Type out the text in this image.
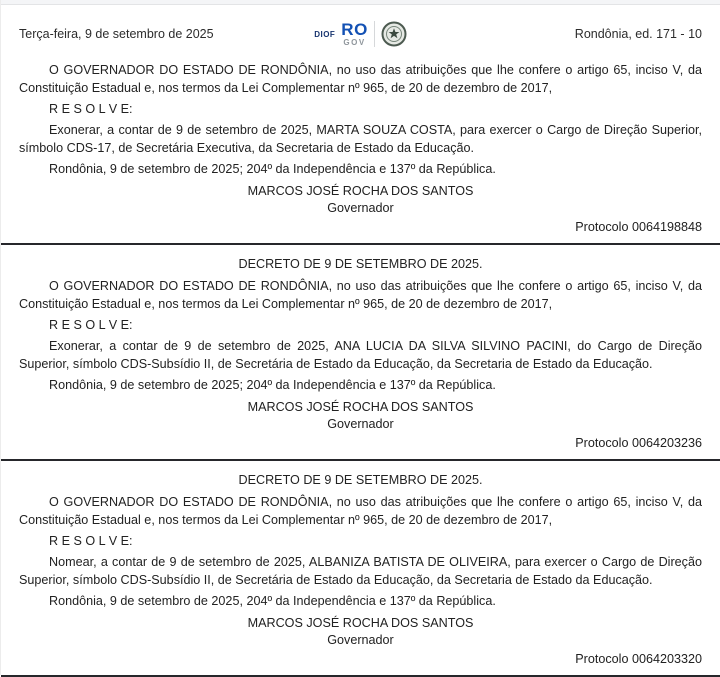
Terça-feira, 9 de setembro de 2025	DIOF RO
GOV
Rondônia, ed. 171 - 10

O GOVERNADOR DO ESTADO DE RONDÔNIA, no uso das atribuições que lhe confere o artigo 65, inciso V, da Constituição Estadual e, nos termos da Lei Complementar nº 965, de 20 de dezembro de 2017,

R E S O L V E:

Exonerar, a contar de 9 de setembro de 2025, MARTA SOUZA COSTA, para exercer o Cargo de Direção Superior, símbolo CDS-17, de Secretária Executiva, da Secretaria de Estado da Educação.

Rondônia, 9 de setembro de 2025; 204º da Independência e 137º da República.

MARCOS JOSÉ ROCHA DOS SANTOS

Governador

Protocolo 0064198848

DECRETO DE 9 DE SETEMBRO DE 2025.

O GOVERNADOR DO ESTADO DE RONDÔNIA, no uso das atribuições que lhe confere o artigo 65, inciso V, da Constituição Estadual e, nos termos da Lei Complementar nº 965, de 20 de dezembro de 2017,

R E S O L V E:

Exonerar, a contar de 9 de setembro de 2025, ANA LUCIA DA SILVA SILVINO PACINI, do Cargo de Direção Superior, símbolo CDS-Subsídio II, de Secretária de Estado da Educação, da Secretaria de Estado da Educação.

Rondônia, 9 de setembro de 2025; 204º da Independência e 137º da República.

MARCOS JOSÉ ROCHA DOS SANTOS

Governador

Protocolo 0064203236

DECRETO DE 9 DE SETEMBRO DE 2025.

O GOVERNADOR DO ESTADO DE RONDÔNIA, no uso das atribuições que lhe confere o artigo 65, inciso V, da Constituição Estadual e, nos termos da Lei Complementar nº 965, de 20 de dezembro de 2017,

R E S O L V E:

Nomear, a contar de 9 de setembro de 2025, ALBANIZA BATISTA DE OLIVEIRA, para exercer o Cargo de Direção Superior, símbolo CDS-Subsídio II, de Secretária de Estado da Educação, da Secretaria de Estado da Educação.

Rondônia, 9 de setembro de 2025, 204º da Independência e 137º da República.

MARCOS JOSÉ ROCHA DOS SANTOS

Governador

Protocolo 0064203320
